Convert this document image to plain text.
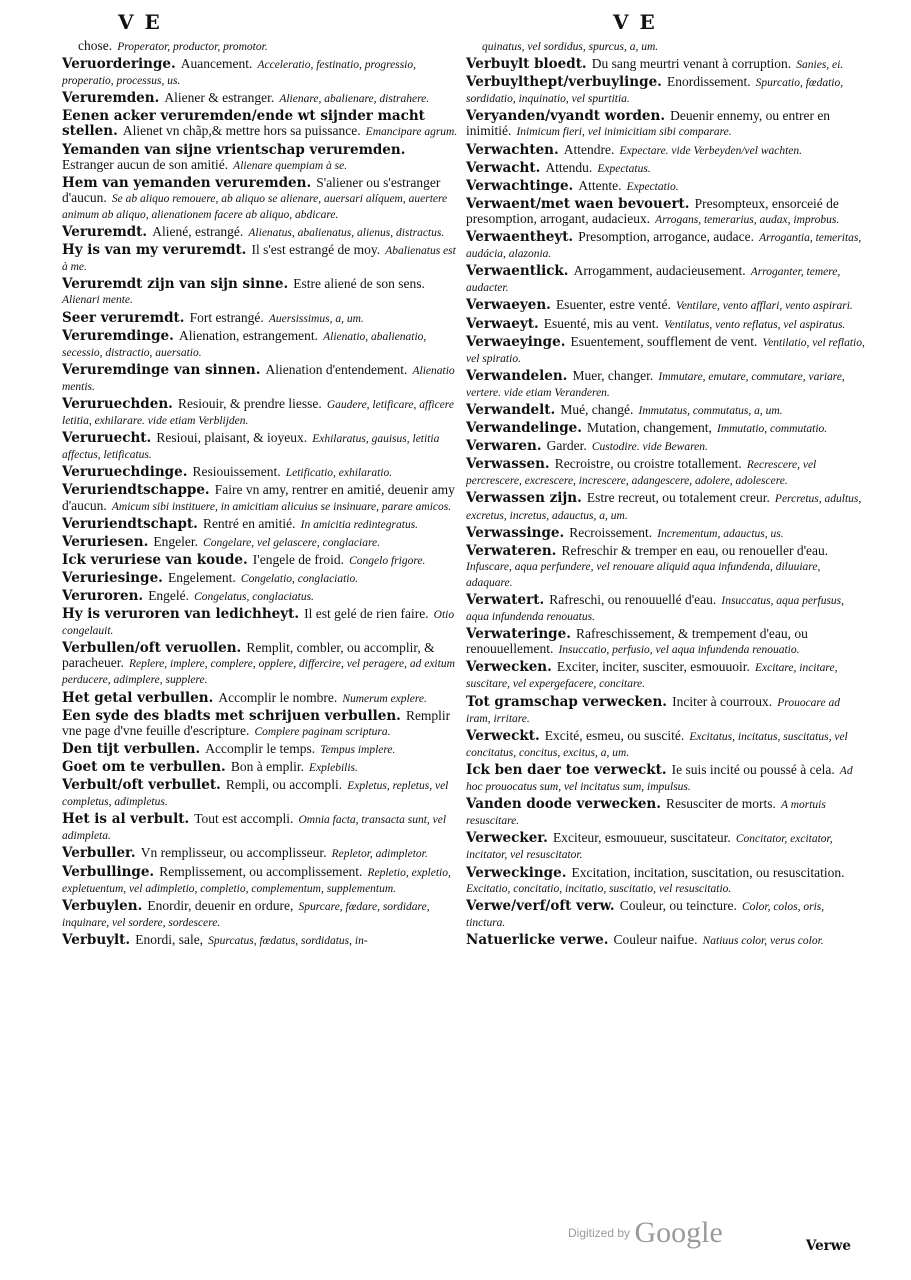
V E	V E
chose. Properator, productor, promotor.
Veruorderinge. Auancement. Acceleratio, festinatio, progressio, properatio, processus, us.
Veruremden. Aliener & estranger. Alienare, abalienare, distrahere.
Eenen acker veruremden/ende wt sijnder macht stellen. Alienet vn chãp,& mettre hors sa puissance. Emancipare agrum.
Yemanden van sijne vrientschap veruremden. Estranger aucun de son amitié. Alienare quempiam à se.
Hem van yemanden veruremden. S'aliener ou s'estranger d'aucun. Se ab aliquo remouere, ab aliquo se alienare, auersari alíquem, auertere animum ab aliquo, alienationem facere ab aliquo, abdicare.
Veruremdt. Aliené, estrangé. Alienatus, abalienatus, alienus, distractus.
Hy is van my veruremdt. Il s'est estrangé de moy. Abalienatus est à me.
Veruremdt zijn van sijn sinne. Estre aliené de son sens. Alienari mente.
Seer veruremdt. Fort estrangé. Auersissimus, a, um.
Veruremdinge. Alienation, estrangement. Alienatio, abalienatio, secessio, distractio, auersatio.
Veruremdinge van sinnen. Alienation d'entendement. Alienatio mentis.
Veruruechden. Resiouir, & prendre liesse. Gaudere, letificare, afficere letitia, exhilarare. vide etiam Verblijden.
Veruruecht. Resioui, plaisant, & ioyeux. Exhilaratus, gauisus, letitia affectus, letificatus.
Veruruechdinge. Resiouissement. Letificatio, exhilaratio.
Veruriendtschappe. Faire vn amy, rentrer en amitié, deuenir amy d'aucun. Amicum sibi instituere, in amicitiam alicuius se insinuare, parare amicos.
Veruriendtschapt. Rentré en amitié. In amicitia redintegratus.
Veruriesen. Engeler. Congelare, vel gelascere, conglaciare.
Ick veruriese van koude. I'engele de froid. Congelo frigore.
Veruriesinge. Engelement. Congelatio, conglaciatio.
Veruroren. Engelé. Congelatus, conglaciatus.
Hy is veruroren van ledichheyt. Il est gelé de rien faire. Otio congelauit.
Verbullen/oft veruollen. Remplit, combler, ou accomplir, & paracheuer. Replere, implere, complere, opplere, differcire, vel peragere, ad exitum perducere, adimplere, supplere.
Het getal verbullen. Accomplir le nombre. Numerum explere.
Een syde des bladts met schrijuen verbullen. Remplir vne page d'vne feuille d'escripture. Complere paginam scriptura.
Den tijt verbullen. Accomplir le temps. Tempus implere.
Goet om te verbullen. Bon à emplir. Explebilis.
Verbult/oft verbullet. Rempli, ou accompli. Expletus, repletus, vel completus, adimpletus.
Het is al verbult. Tout est accompli. Omnia facta, transacta sunt, vel adimpleta.
Verbuller. Vn remplisseur, ou accomplisseur. Repletor, adimpletor.
Verbullinge. Remplissement, ou accomplissement. Repletio, expletio, expletuentum, vel adimpletio, completio, complementum, supplementum.
Verbuylen. Enordir, deuenir en ordure, Spurcare, fœdare, sordidare, inquinare, vel sordere, sordescere.
Verbuylt. Enordi, sale, Spurcatus, fœdatus, sordidatus, in-
quinatus, vel sordidus, spurcus, a, um.
Verbuylt bloedt. Du sang meurtri venant à corruption. Sanies, ei.
Verbuylthept/verbuylinge. Enordissement. Spurcatio, fœdatio, sordidatio, inquinatio, vel spurtitia.
Veryanden/vyandt worden. Deuenir ennemy, ou entrer en inimitié. Inimicum fieri, vel inimicitiam sibi comparare.
Verwachten. Attendre. Expectare. vide Verbeyden/vel wachten.
Verwacht. Attendu. Expectatus.
Verwachtinge. Attente. Expectatio.
Verwaent/met waen bevouert. Presompteux, ensorceié de presomption, arrogant, audacieux. Arrogans, temerarius, audax, improbus.
Verwaentheyt. Presomption, arrogance, audace. Arrogantia, temeritas, audácia, alazonia.
Verwaentlick. Arrogamment, audacieusement. Arroganter, temere, audacter.
Verwaeyen. Esuenter, estre venté. Ventilare, vento afflari, vento aspirari.
Verwaeyt. Esuenté, mis au vent. Ventilatus, vento reflatus, vel aspiratus.
Verwaeyinge. Esuentement, soufflement de vent. Ventilatio, vel reflatio, vel spiratio.
Verwandelen. Muer, changer. Immutare, emutare, commutare, variare, vertere. vide etiam Veranderen.
Verwandelt. Mué, changé. Immutatus, commutatus, a, um.
Verwandelinge. Mutation, changement, Immutatio, commutatio.
Verwaren. Garder. Custodire. vide Bewaren.
Verwassen. Recroistre, ou croistre totallement. Recrescere, vel percrescere, excrescere, increscere, adangescere, adolere, adolescere.
Verwassen zijn. Estre recreut, ou totalement creur. Percretus, adultus, excretus, incretus, adauctus, a, um.
Verwassinge. Recroissement. Incrementum, adauctus, us.
Verwateren. Refreschir & tremper en eau, ou renoueller d'eau. Infuscare, aqua perfundere, vel renouare aliquid aqua infundenda, diluuiare, adaquare.
Verwatert. Rafreschi, ou renouuellé d'eau. Insuccatus, aqua perfusus, aqua infundenda renouatus.
Verwateringe. Rafreschissement, & trempement d'eau, ou renouuellement. Insuccatio, perfusio, vel aqua infundenda renouatio.
Verwecken. Exciter, inciter, susciter, esmouuoir. Excitare, incitare, suscitare, vel expergefacere, concitare.
Tot gramschap verwecken. Inciter à courroux. Prouocare ad iram, irritare.
Verweckt. Excité, esmeu, ou suscité. Excitatus, incitatus, suscitatus, vel concitatus, concitus, excitus, a, um.
Ick ben daer toe verweckt. Ie suis incité ou poussé à cela. Ad hoc prouocatus sum, vel incitatus sum, impulsus.
Vanden doode verwecken. Resusciter de morts. A mortuis resuscitare.
Verwecker. Exciteur, esmouueur, suscitateur. Concitator, excitator, incitator, vel resuscitator.
Verweckinge. Excitation, incitation, suscitation, ou resuscitation. Excitatio, concitatio, incitatio, suscitatio, vel resuscitatio.
Verwe/verf/oft verw. Couleur, ou teincture. Color, colos, oris, tinctura.
Natuerlicke verwe. Couleur naifue. Natiuus color, verus color.
Verwe
Digitized by Google
